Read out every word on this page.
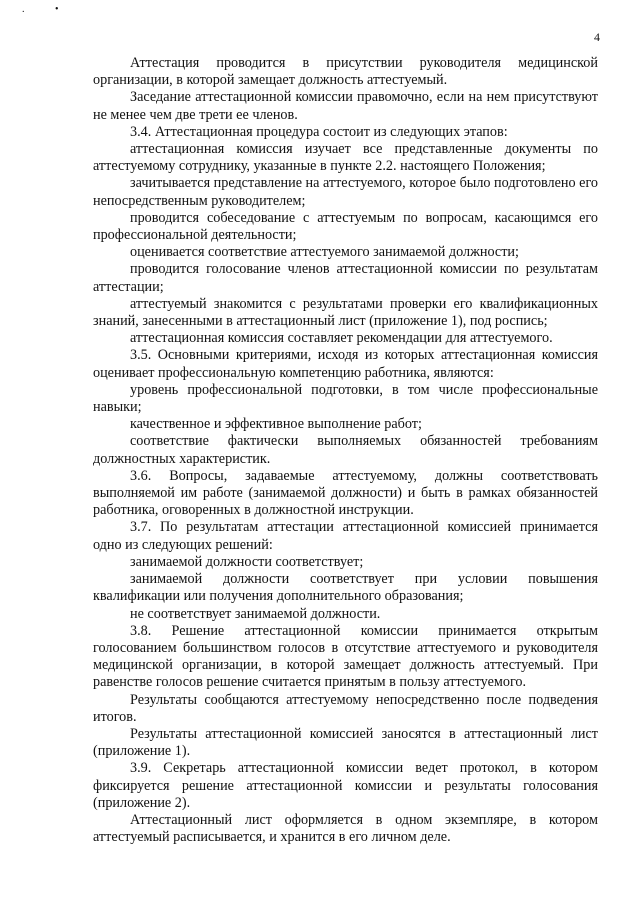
. •
4

Аттестация проводится в присутствии руководителя медицинской организации, в которой замещает должность аттестуемый.

Заседание аттестационной комиссии правомочно, если на нем присутствуют не менее чем две трети ее членов.

3.4. Аттестационная процедура состоит из следующих этапов:

аттестационная комиссия изучает все представленные документы по аттестуемому сотруднику, указанные в пункте 2.2. настоящего Положения;

зачитывается представление на аттестуемого, которое было подготовлено его непосредственным руководителем;

проводится собеседование с аттестуемым по вопросам, касающимся его профессиональной деятельности;

оценивается соответствие аттестуемого занимаемой должности;

проводится голосование членов аттестационной комиссии по результатам аттестации;

аттестуемый знакомится с результатами проверки его квалификационных знаний, занесенными в аттестационный лист (приложение 1), под роспись;

аттестационная комиссия составляет рекомендации для аттестуемого.

3.5. Основными критериями, исходя из которых аттестационная комиссия оценивает профессиональную компетенцию работника, являются:

уровень профессиональной подготовки, в том числе профессиональные навыки;

качественное и эффективное выполнение работ;

соответствие фактически выполняемых обязанностей требованиям должностных характеристик.

3.6. Вопросы, задаваемые аттестуемому, должны соответствовать выполняемой им работе (занимаемой должности) и быть в рамках обязанностей работника, оговоренных в должностной инструкции.

3.7. По результатам аттестации аттестационной комиссией принимается одно из следующих решений:

занимаемой должности соответствует;

занимаемой должности соответствует при условии повышения квалификации или получения дополнительного образования;

не соответствует занимаемой должности.

3.8. Решение аттестационной комиссии принимается открытым голосованием большинством голосов в отсутствие аттестуемого и руководителя медицинской организации, в которой замещает должность аттестуемый. При равенстве голосов решение считается принятым в пользу аттестуемого.

Результаты сообщаются аттестуемому непосредственно после подведения итогов.

Результаты аттестационной комиссией заносятся в аттестационный лист (приложение 1).

3.9. Секретарь аттестационной комиссии ведет протокол, в котором фиксируется решение аттестационной комиссии и результаты голосования (приложение 2).

Аттестационный лист оформляется в одном экземпляре, в котором аттестуемый расписывается, и хранится в его личном деле.
